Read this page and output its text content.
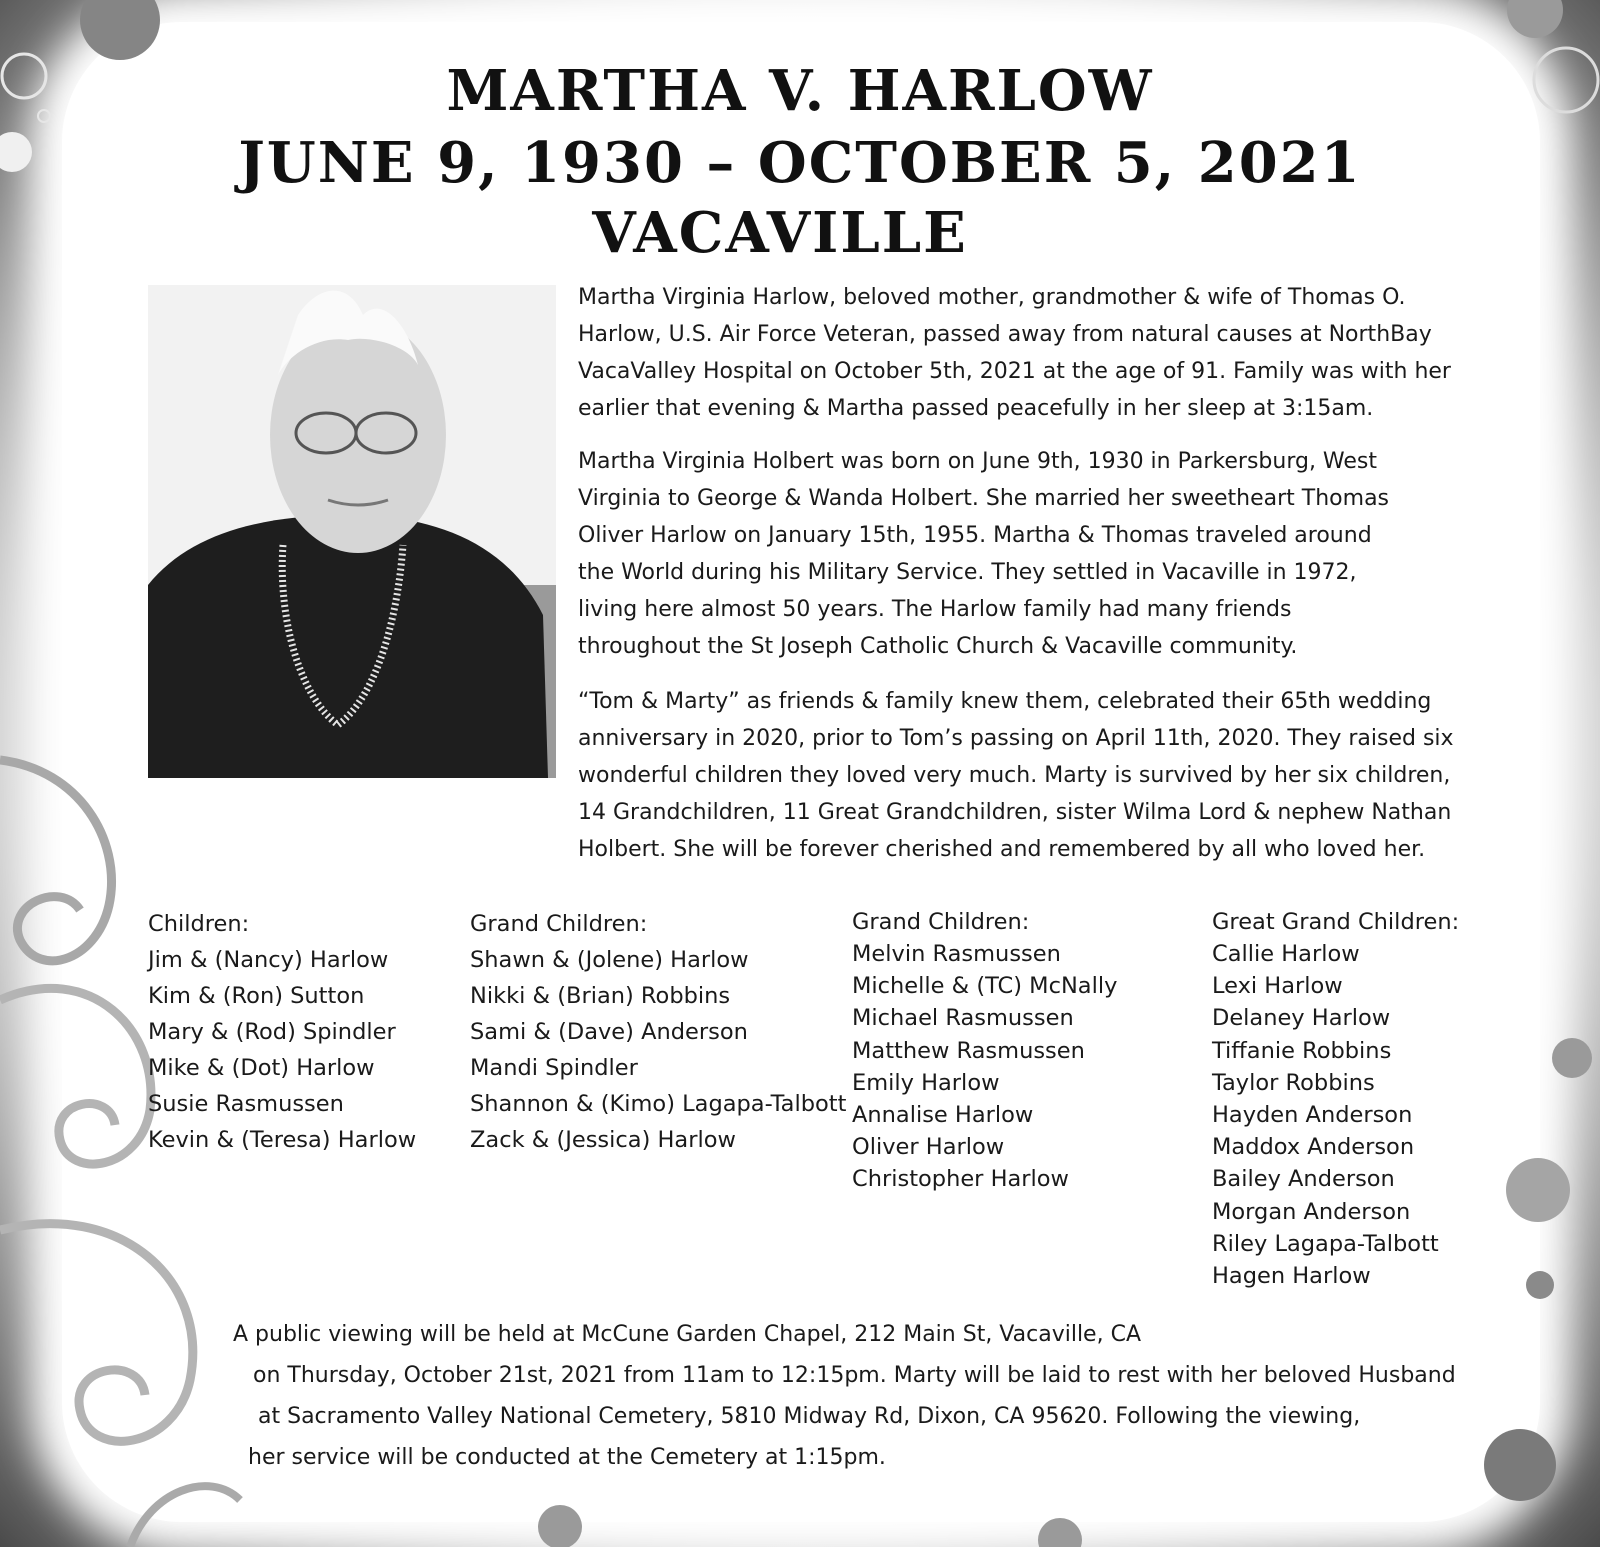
MARTHA V. HARLOW
JUNE 9, 1930 – OCTOBER 5, 2021
VACAVILLE

Martha Virginia Harlow, beloved mother, grandmother & wife of Thomas O. Harlow, U.S. Air Force Veteran, passed away from natural causes at NorthBay VacaValley Hospital on October 5th, 2021 at the age of 91. Family was with her earlier that evening & Martha passed peacefully in her sleep at 3:15am.

Martha Virginia Holbert was born on June 9th, 1930 in Parkersburg, West Virginia to George & Wanda Holbert. She married her sweetheart Thomas Oliver Harlow on January 15th, 1955. Martha & Thomas traveled around the World during his Military Service. They settled in Vacaville in 1972, living here almost 50 years. The Harlow family had many friends throughout the St Joseph Catholic Church & Vacaville community.

“Tom & Marty” as friends & family knew them, celebrated their 65th wedding anniversary in 2020, prior to Tom’s passing on April 11th, 2020. They raised six wonderful children they loved very much. Marty is survived by her six children, 14 Grandchildren, 11 Great Grandchildren, sister Wilma Lord & nephew Nathan Holbert. She will be forever cherished and remembered by all who loved her.

Children:
Jim & (Nancy) Harlow
Kim & (Ron) Sutton
Mary & (Rod) Spindler
Mike & (Dot) Harlow
Susie Rasmussen
Kevin & (Teresa) Harlow
Grand Children:
Shawn & (Jolene) Harlow
Nikki & (Brian) Robbins
Sami & (Dave) Anderson
Mandi Spindler
Shannon & (Kimo) Lagapa-Talbott
Zack & (Jessica) Harlow
Grand Children:
Melvin Rasmussen
Michelle & (TC) McNally
Michael Rasmussen
Matthew Rasmussen
Emily Harlow
Annalise Harlow
Oliver Harlow
Christopher Harlow
Great Grand Children:
Callie Harlow
Lexi Harlow
Delaney Harlow
Tiffanie Robbins
Taylor Robbins
Hayden Anderson
Maddox Anderson
Bailey Anderson
Morgan Anderson
Riley Lagapa-Talbott
Hagen Harlow
A public viewing will be held at McCune Garden Chapel, 212 Main St, Vacaville, CA
on Thursday, October 21st, 2021 from 11am to 12:15pm. Marty will be laid to rest with her beloved Husband
at Sacramento Valley National Cemetery, 5810 Midway Rd, Dixon, CA 95620. Following the viewing,
her service will be conducted at the Cemetery at 1:15pm.
